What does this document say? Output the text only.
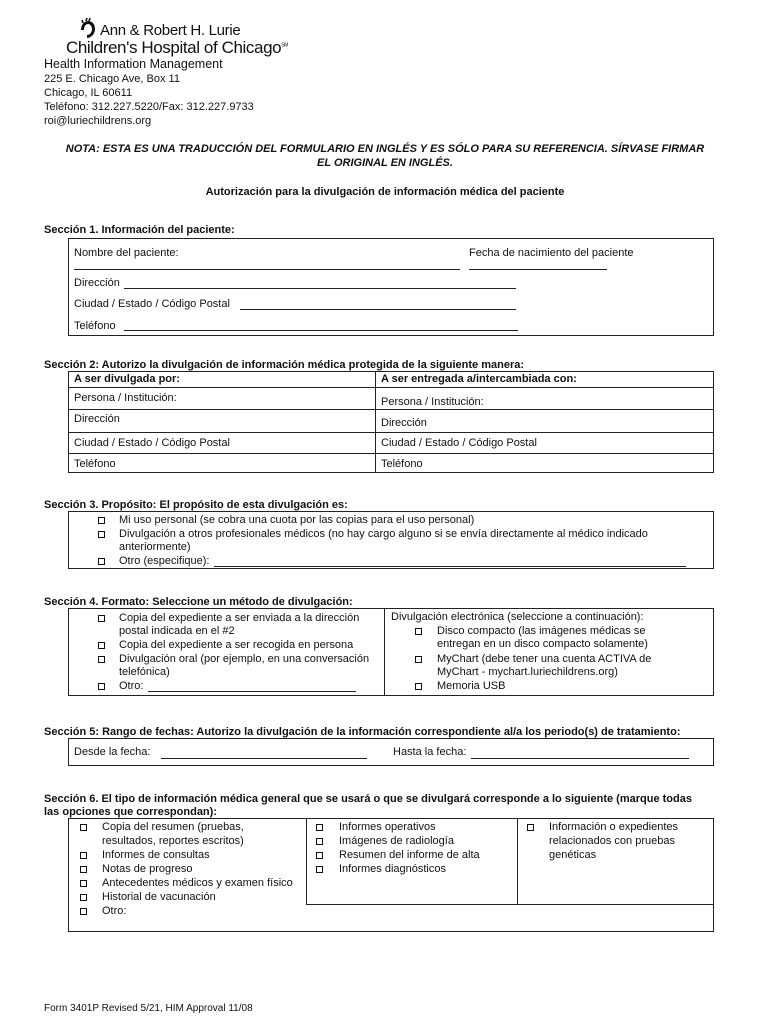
Ann & Robert H. Lurie
Children's Hospital of Chicago℠
Health Information Management
225 E. Chicago Ave, Box 11
Chicago, IL 60611
Teléfono: 312.227.5220/Fax: 312.227.9733
roi@luriechildrens.org
NOTA: ESTA ES UNA TRADUCCIÓN DEL FORMULARIO EN INGLÉS Y ES SÓLO PARA SU REFERENCIA. SÍRVASE FIRMAR EL ORIGINAL EN INGLÉS.
Autorización para la divulgación de información médica del paciente
Sección 1. Información del paciente:
Nombre del paciente:	Fecha de nacimiento del paciente
Dirección
Ciudad / Estado / Código Postal
Teléfono
Sección 2: Autorizo la divulgación de información médica protegida de la siguiente manera:
A ser divulgada por:	A ser entregada a/intercambiada con:
Persona / Institución:	Persona / Institución:
Dirección	Dirección
Ciudad / Estado / Código Postal	Ciudad / Estado / Código Postal
Teléfono	Teléfono
Sección 3. Propósito: El propósito de esta divulgación es:
Mi uso personal (se cobra una cuota por las copias para el uso personal)
Divulgación a otros profesionales médicos (no hay cargo alguno si se envía directamente al médico indicado
anteriormente)
Otro (especifique):
Sección 4. Formato: Seleccione un método de divulgación:
Copia del expediente a ser enviada a la dirección
postal indicada en el #2
Copia del expediente a ser recogida en persona
Divulgación oral (por ejemplo, en una conversación
telefónica)
Otro:
Divulgación electrónica (seleccione a continuación):
Disco compacto (las imágenes médicas se
entregan en un disco compacto solamente)
MyChart (debe tener una cuenta ACTIVA de
MyChart - mychart.luriechildrens.org)
Memoria USB
Sección 5: Rango de fechas: Autorizo la divulgación de la información correspondiente al/a los periodo(s) de tratamiento:
Desde la fecha:	Hasta la fecha:
Sección 6. El tipo de información médica general que se usará o que se divulgará corresponde a lo siguiente (marque todas
las opciones que correspondan):
Copia del resumen (pruebas,
resultados, reportes escritos)
Informes de consultas
Notas de progreso
Antecedentes médicos y examen físico
Historial de vacunación
Otro:
Informes operativos
Imágenes de radiología
Resumen del informe de alta
Informes diagnósticos
Información o expedientes
relacionados con pruebas
genéticas
Form 3401P Revised 5/21, HIM Approval 11/08
